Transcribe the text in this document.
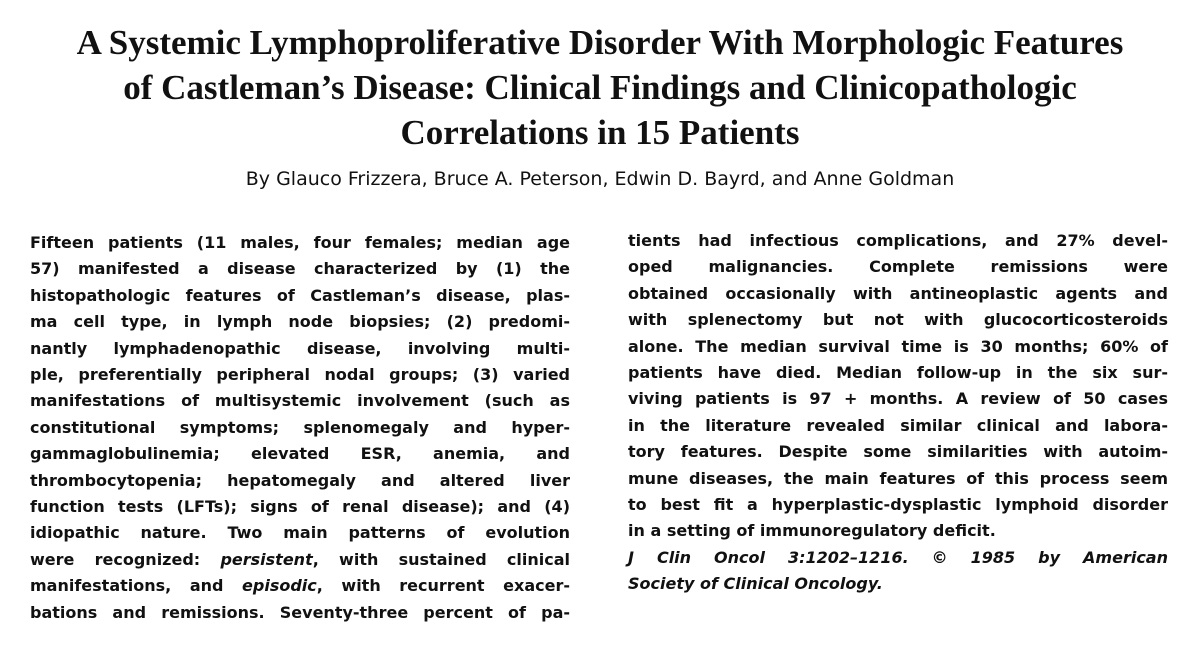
A Systemic Lymphoproliferative Disorder With Morphologic Features
of Castleman’s Disease: Clinical Findings and Clinicopathologic
Correlations in 15 Patients
By Glauco Frizzera, Bruce A. Peterson, Edwin D. Bayrd, and Anne Goldman
Fifteen patients (11 males, four females; median age
57) manifested a disease characterized by (1) the
histopathologic features of Castleman’s disease, plas-
ma cell type, in lymph node biopsies; (2) predomi-
nantly lymphadenopathic disease, involving multi-
ple, preferentially peripheral nodal groups; (3) varied
manifestations of multisystemic involvement (such as
constitutional symptoms; splenomegaly and hyper-
gammaglobulinemia; elevated ESR, anemia, and
thrombocytopenia; hepatomegaly and altered liver
function tests (LFTs); signs of renal disease); and (4)
idiopathic nature. Two main patterns of evolution
were recognized: persistent, with sustained clinical
manifestations, and episodic, with recurrent exacer-
bations and remissions. Seventy-three percent of pa-
tients had infectious complications, and 27% devel-
oped malignancies. Complete remissions were
obtained occasionally with antineoplastic agents and
with splenectomy but not with glucocorticosteroids
alone. The median survival time is 30 months; 60% of
patients have died. Median follow-up in the six sur-
viving patients is 97 + months. A review of 50 cases
in the literature revealed similar clinical and labora-
tory features. Despite some similarities with autoim-
mune diseases, the main features of this process seem
to best fit a hyperplastic-dysplastic lymphoid disorder
in a setting of immunoregulatory deficit.
J Clin Oncol 3:1202–1216. © 1985 by American
Society of Clinical Oncology.
